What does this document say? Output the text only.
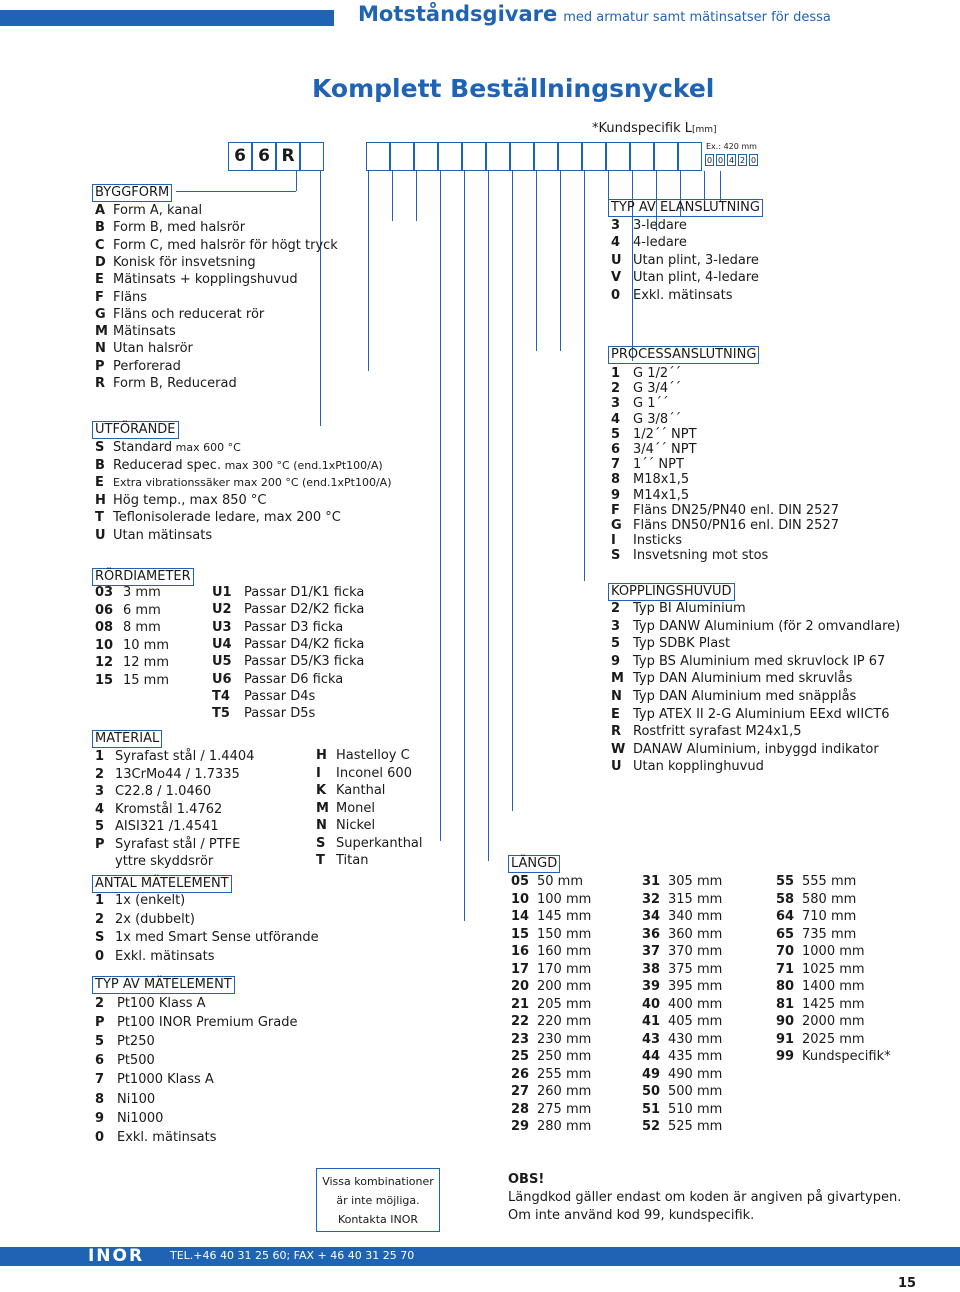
Motståndsgivare med armatur samt mätinsatser för dessa
Komplett Beställningsnyckel
*Kundspecifik L[mm]
Ex.: 420 mm
0 0 4 2 0
6 6 R
BYGGFORM
A Form A, kanal
B Form B, med halsrör
C Form C, med halsrör för högt tryck
D Konisk för insvetsning
E Mätinsats + kopplingshuvud
F Fläns
G Fläns och reducerat rör
M Mätinsats
N Utan halsrör
P Perforerad
R Form B, Reducerad
UTFÖRANDE
S Standard max 600 °C
B Reducerad spec. max 300 °C (end.1xPt100/A)
E Extra vibrationssäker max 200 °C (end.1xPt100/A)
H Hög temp., max 850 °C
T Teflonisolerade ledare, max 200 °C
U Utan mätinsats
RÖRDIAMETER
03 3 mm
06 6 mm
08 8 mm
10 10 mm
12 12 mm
15 15 mm
U1 Passar D1/K1 ficka
U2 Passar D2/K2 ficka
U3 Passar D3 ficka
U4 Passar D4/K2 ficka
U5 Passar D5/K3 ficka
U6 Passar D6 ficka
T4 Passar D4s
T5 Passar D5s
MATERIAL
1 Syrafast stål / 1.4404
2 13CrMo44 / 1.7335
3 C22.8 / 1.0460
4 Kromstål 1.4762
5 AISI321 /1.4541
P Syrafast stål / PTFE
yttre skyddsrör
H Hastelloy C
I Inconel 600
K Kanthal
M Monel
N Nickel
S Superkanthal
T Titan
ANTAL MÄTELEMENT
1 1x (enkelt)
2 2x (dubbelt)
S 1x med Smart Sense utförande
0 Exkl. mätinsats
TYP AV MÄTELEMENT
2 Pt100 Klass A
P Pt100 INOR Premium Grade
5 Pt250
6 Pt500
7 Pt1000 Klass A
8 Ni100
9 Ni1000
0 Exkl. mätinsats
TYP AV ELANSLUTNING
3 3-ledare
4 4-ledare
U Utan plint, 3-ledare
V Utan plint, 4-ledare
0 Exkl. mätinsats
PROCESSANSLUTNING
1 G 1/2´´
2 G 3/4´´
3 G 1´´
4 G 3/8´´
5 1/2´´ NPT
6 3/4´´ NPT
7 1´´ NPT
8 M18x1,5
9 M14x1,5
F Fläns DN25/PN40 enl. DIN 2527
G Fläns DN50/PN16 enl. DIN 2527
I Insticks
S Insvetsning mot stos
KOPPLINGSHUVUD
2 Typ BI Aluminium
3 Typ DANW Aluminium (för 2 omvandlare)
5 Typ SDBK Plast
9 Typ BS Aluminium med skruvlock IP 67
M Typ DAN Aluminium med skruvlås
N Typ DAN Aluminium med snäpplås
E Typ ATEX II 2-G Aluminium EExd wIICT6
R Rostfritt syrafast M24x1,5
W DANAW Aluminium, inbyggd indikator
U Utan kopplinghuvud
LÄNGD
05 50 mm
10 100 mm
14 145 mm
15 150 mm
16 160 mm
17 170 mm
20 200 mm
21 205 mm
22 220 mm
23 230 mm
25 250 mm
26 255 mm
27 260 mm
28 275 mm
29 280 mm
31 305 mm
32 315 mm
34 340 mm
36 360 mm
37 370 mm
38 375 mm
39 395 mm
40 400 mm
41 405 mm
43 430 mm
44 435 mm
49 490 mm
50 500 mm
51 510 mm
52 525 mm
55 555 mm
58 580 mm
64 710 mm
65 735 mm
70 1000 mm
71 1025 mm
80 1400 mm
81 1425 mm
90 2000 mm
91 2025 mm
99 Kundspecifik*
Vissa kombinationer
är inte möjliga.
Kontakta INOR
OBS!
Längdkod gäller endast om koden är angiven på givartypen.
Om inte använd kod 99, kundspecifik.
INOR	TEL.+46 40 31 25 60; FAX + 46 40 31 25 70
15
